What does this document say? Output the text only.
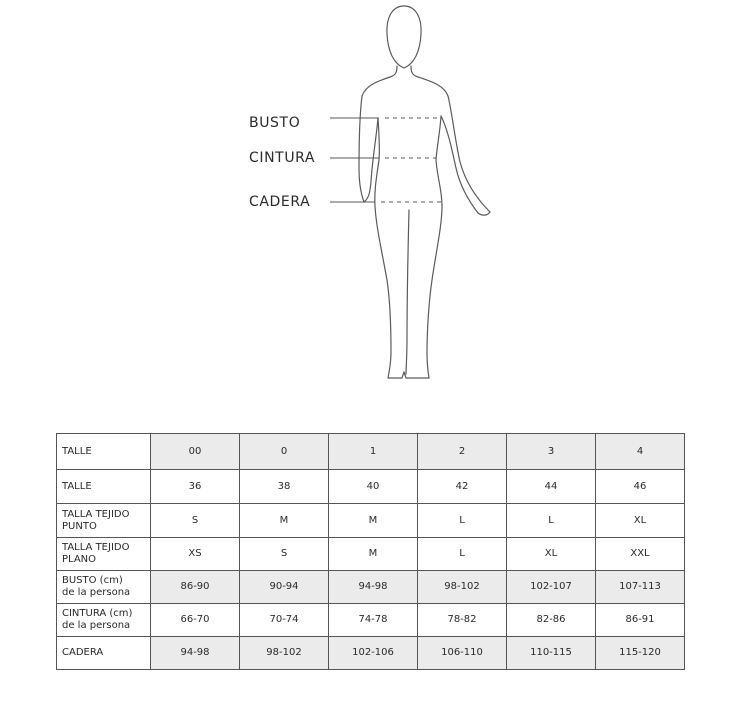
BUSTO
CINTURA
CADERA
TALLE	00	0	1	2	3	4

TALLE	36	38	40	42	44	46

TALLA TEJIDO
PUNTO	S	M	M	L	L	XL

TALLA TEJIDO
PLANO	XS	S	M	L	XL	XXL

BUSTO (cm)
de la persona	86-90	90-94	94-98	98-102	102-107	107-113

CINTURA (cm)
de la persona	66-70	70-74	74-78	78-82	82-86	86-91

CADERA	94-98	98-102	102-106	106-110	110-115	115-120
